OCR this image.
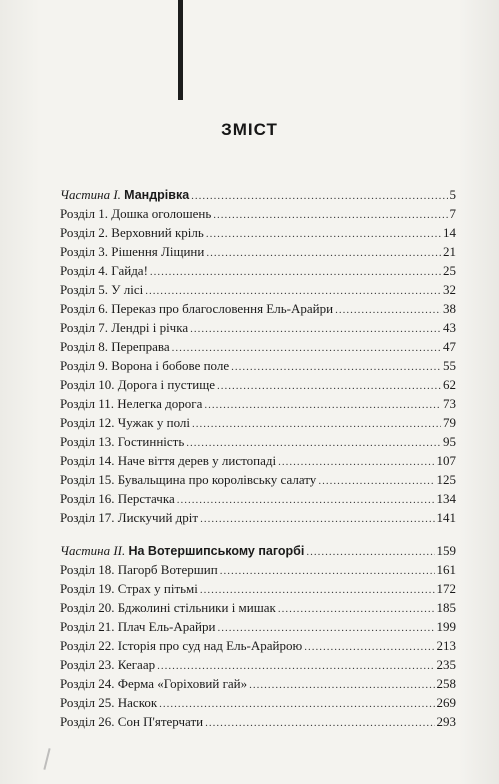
ЗМІСТ
Частина І. Мандрівка .....	5
Розділ 1. Дошка оголошень .....	7
Розділ 2. Верховний кріль .....	14
Розділ 3. Рішення Ліщини .....	21
Розділ 4. Гайда! .....	25
Розділ 5. У лісі .....	32
Розділ 6. Переказ про благословення Ель-Арайри .....	38
Розділ 7. Лендрі і річка .....	43
Розділ 8. Переправа .....	47
Розділ 9. Ворона і бобове поле .....	55
Розділ 10. Дорога і пустище .....	62
Розділ 11. Нелегка дорога .....	73
Розділ 12. Чужак у полі .....	79
Розділ 13. Гостинність .....	95
Розділ 14. Наче віття дерев у листопаді .....	107
Розділ 15. Бувальщина про королівську салату .....	125
Розділ 16. Перстачка .....	134
Розділ 17. Лискучий дріт .....	141
Частина II. На Вотершипському пагорбі .....	159
Розділ 18. Пагорб Вотершип .....	161
Розділ 19. Страх у пітьмі .....	172
Розділ 20. Бджолині стільники і мишак .....	185
Розділ 21. Плач Ель-Арайри .....	199
Розділ 22. Історія про суд над Ель-Арайрою .....	213
Розділ 23. Кегаар .....	235
Розділ 24. Ферма «Горіховий гай» .....	258
Розділ 25. Наскок .....	269
Розділ 26. Сон П'ятерчати .....	293
